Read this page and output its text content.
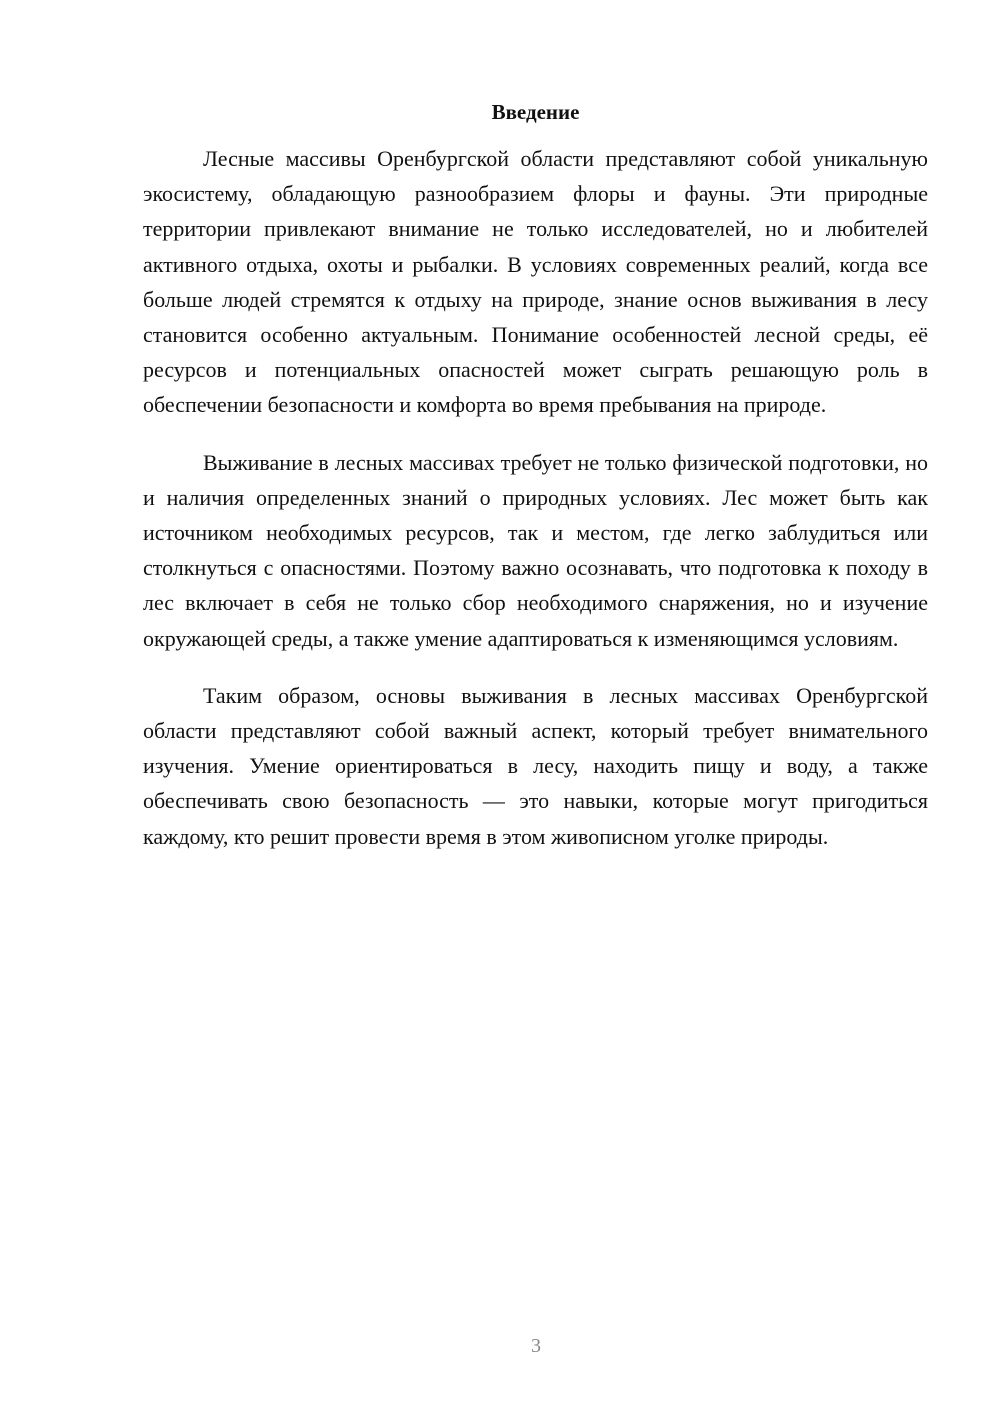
Введение

Лесные массивы Оренбургской области представляют собой уникальную экосистему, обладающую разнообразием флоры и фауны. Эти природные территории привлекают внимание не только исследователей, но и любителей активного отдыха, охоты и рыбалки. В условиях современных реалий, когда все больше людей стремятся к отдыху на природе, знание основ выживания в лесу становится особенно актуальным. Понимание особенностей лесной среды, её ресурсов и потенциальных опасностей может сыграть решающую роль в обеспечении безопасности и комфорта во время пребывания на природе.

Выживание в лесных массивах требует не только физической подготовки, но и наличия определенных знаний о природных условиях. Лес может быть как источником необходимых ресурсов, так и местом, где легко заблудиться или столкнуться с опасностями. Поэтому важно осознавать, что подготовка к походу в лес включает в себя не только сбор необходимого снаряжения, но и изучение окружающей среды, а также умение адаптироваться к изменяющимся условиям.

Таким образом, основы выживания в лесных массивах Оренбургской области представляют собой важный аспект, который требует внимательного изучения. Умение ориентироваться в лесу, находить пищу и воду, а также обеспечивать свою безопасность — это навыки, которые могут пригодиться каждому, кто решит провести время в этом живописном уголке природы.

3
